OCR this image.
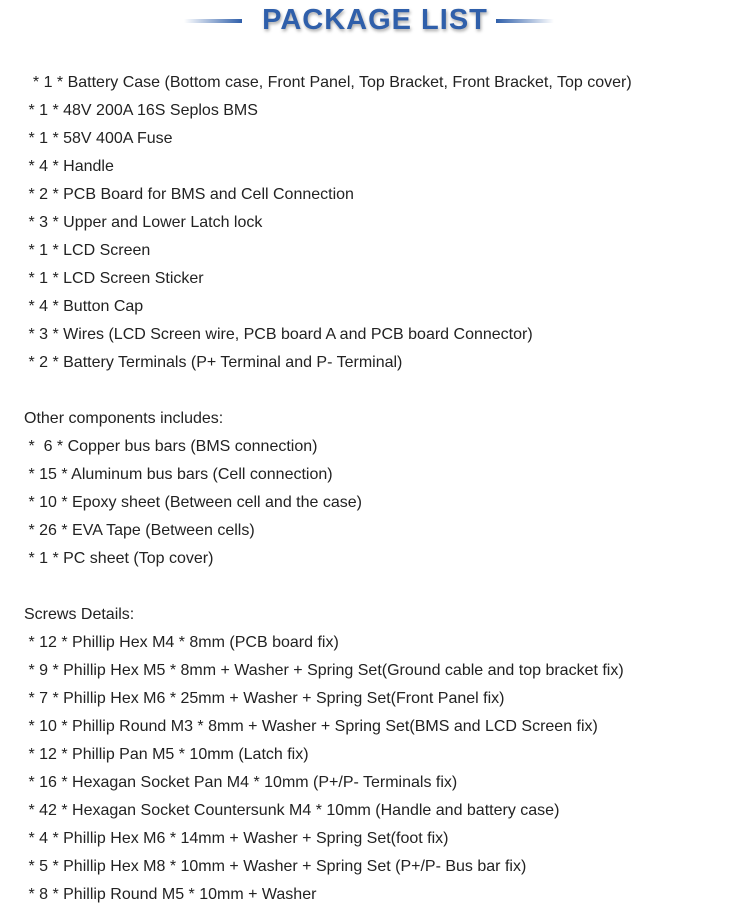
PACKAGE LIST
* 1 * Battery Case (Bottom case, Front Panel, Top Bracket, Front Bracket, Top cover)
* 1 * 48V 200A 16S Seplos BMS
* 1 * 58V 400A Fuse
* 4 * Handle
* 2 * PCB Board for BMS and Cell Connection
* 3 * Upper and Lower Latch lock
* 1 * LCD Screen
* 1 * LCD Screen Sticker
* 4 * Button Cap
* 3 * Wires (LCD Screen wire, PCB board A and PCB board Connector)
* 2 * Battery Terminals (P+ Terminal and P- Terminal)
Other components includes:
*  6 * Copper bus bars (BMS connection)
* 15 * Aluminum bus bars (Cell connection)
* 10 * Epoxy sheet (Between cell and the case)
* 26 * EVA Tape (Between cells)
* 1 * PC sheet (Top cover)
Screws Details:
* 12 * Phillip Hex M4 * 8mm (PCB board fix)
* 9 * Phillip Hex M5 * 8mm + Washer + Spring Set(Ground cable and top bracket fix)
* 7 * Phillip Hex M6 * 25mm + Washer + Spring Set(Front Panel fix)
* 10 * Phillip Round M3 * 8mm + Washer + Spring Set(BMS and LCD Screen fix)
* 12 * Phillip Pan M5 * 10mm (Latch fix)
* 16 * Hexagan Socket Pan M4 * 10mm (P+/P- Terminals fix)
* 42 * Hexagan Socket Countersunk M4 * 10mm (Handle and battery case)
* 4 * Phillip Hex M6 * 14mm + Washer + Spring Set(foot fix)
* 5 * Phillip Hex M8 * 10mm + Washer + Spring Set (P+/P- Bus bar fix)
* 8 * Phillip Round M5 * 10mm + Washer
